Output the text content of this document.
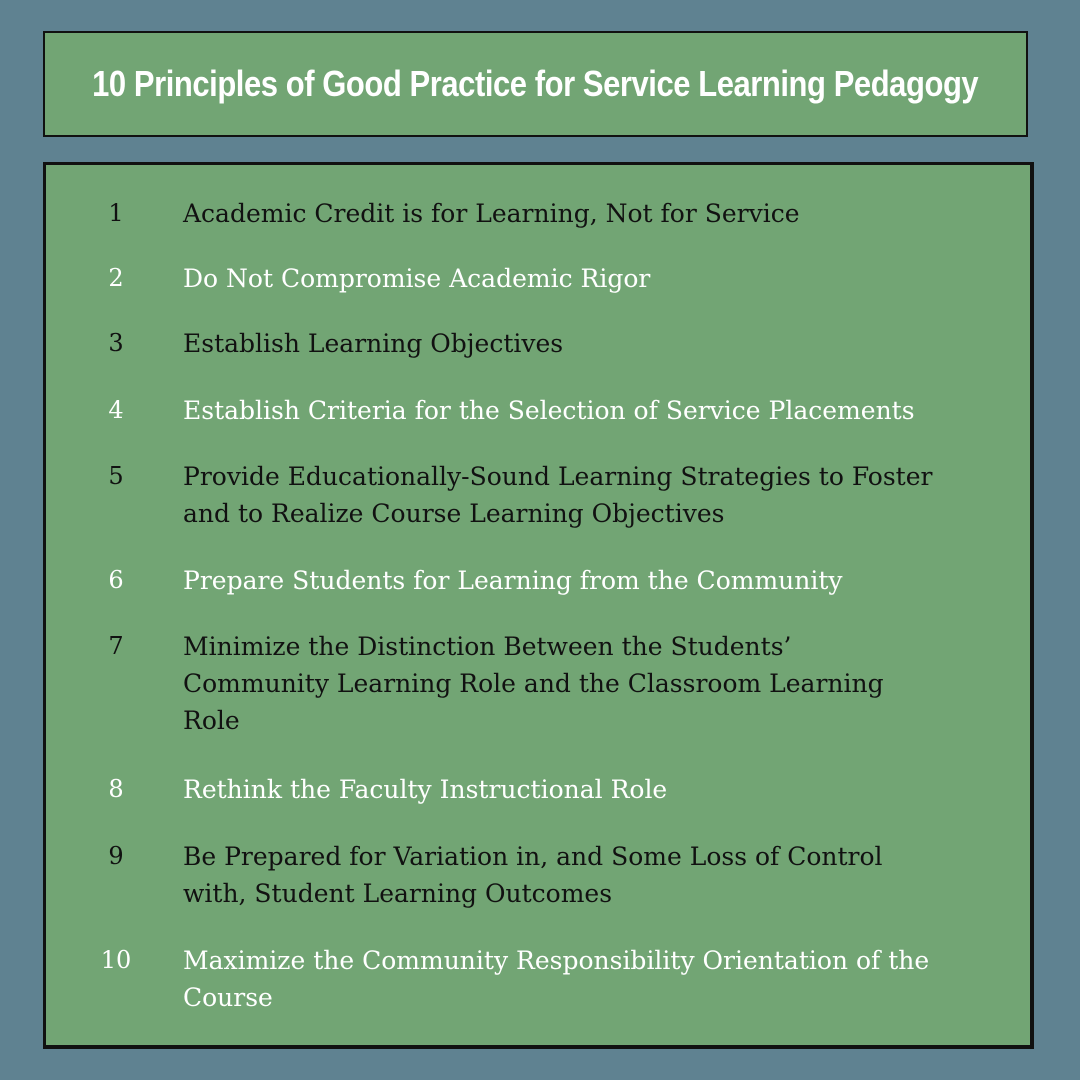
10 Principles of Good Practice for Service Learning Pedagogy
1	Academic Credit is for Learning, Not for Service
2	Do Not Compromise Academic Rigor
3	Establish Learning Objectives
4	Establish Criteria for the Selection of Service Placements
5	Provide Educationally-Sound Learning Strategies to Foster
and to Realize Course Learning Objectives
6	Prepare Students for Learning from the Community
7	Minimize the Distinction Between the Students’
Community Learning Role and the Classroom Learning
Role
8	Rethink the Faculty Instructional Role
9	Be Prepared for Variation in, and Some Loss of Control
with, Student Learning Outcomes
10	Maximize the Community Responsibility Orientation of the
Course
